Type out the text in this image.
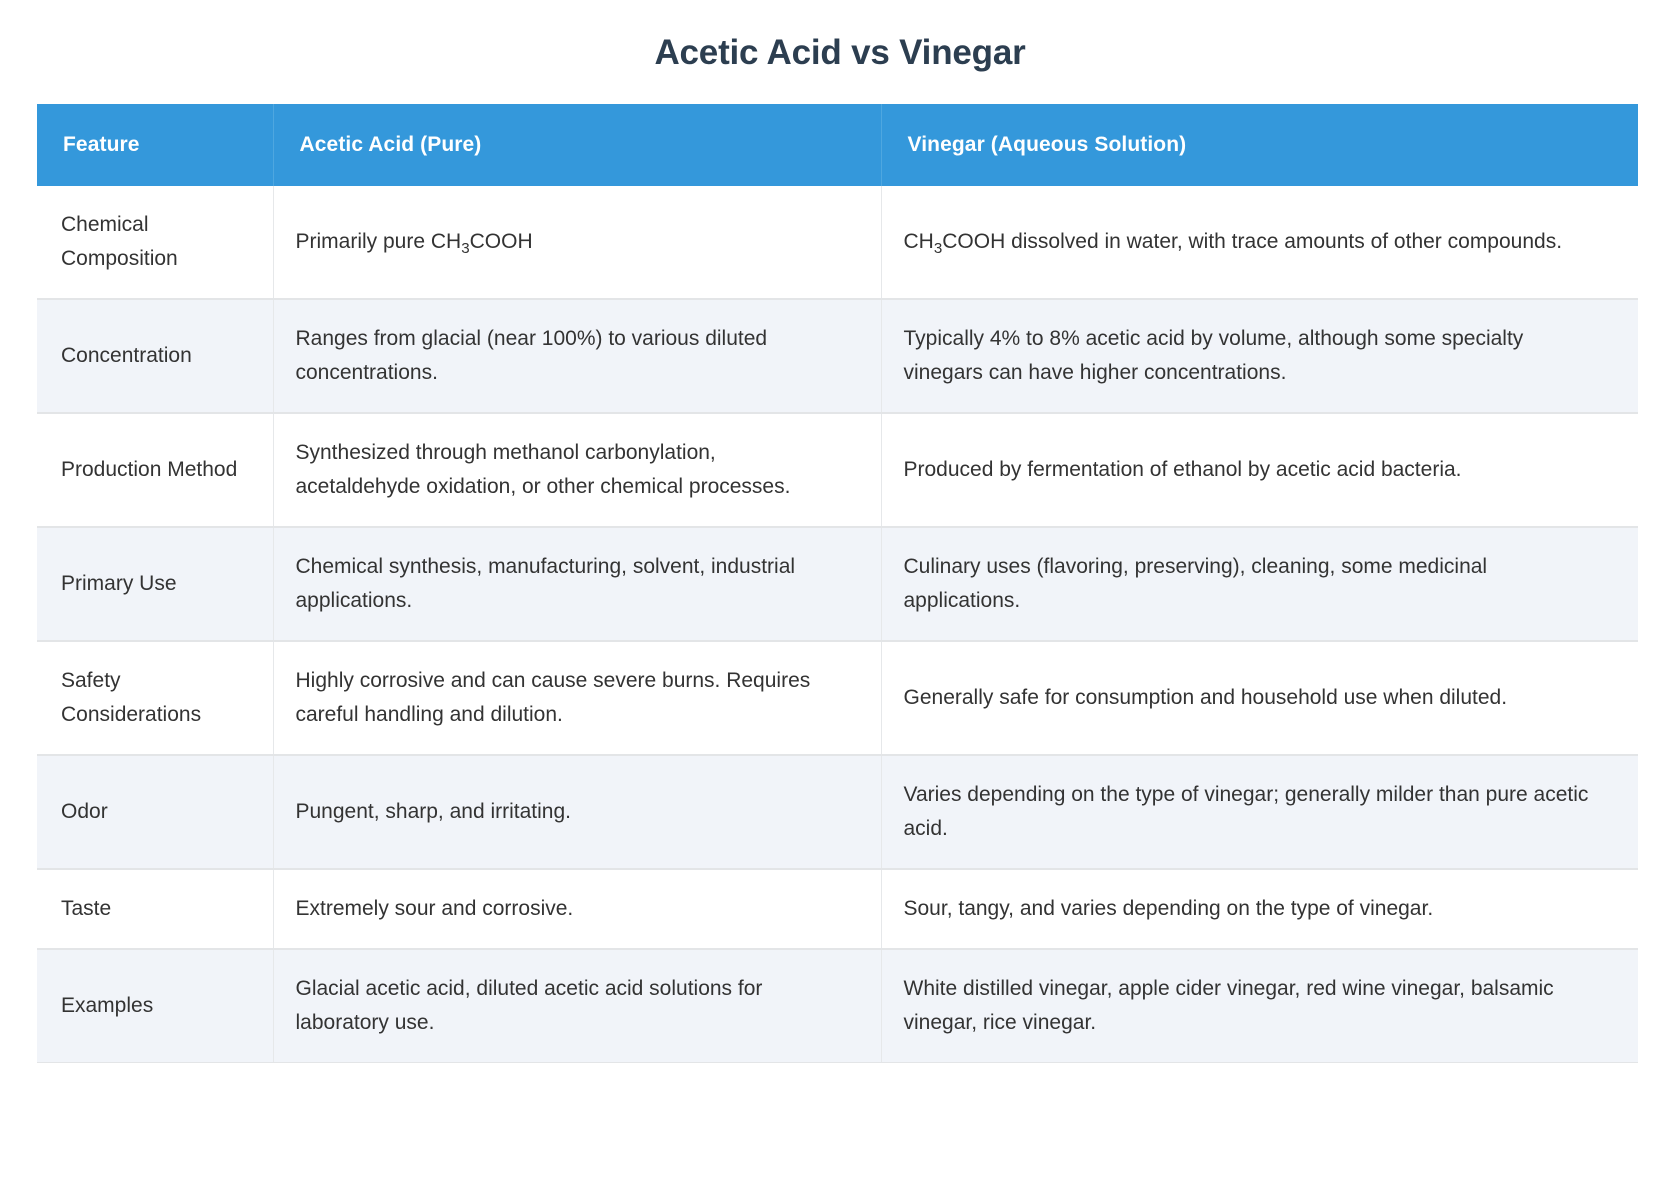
Acetic Acid vs Vinegar
Feature	Acetic Acid (Pure)	Vinegar (Aqueous Solution)
Chemical Composition	Primarily pure $CH_3COOH$	$CH_3COOH$ dissolved in water, with trace amounts of other compounds.
Concentration	Ranges from glacial (near 100%) to various diluted concentrations.	Typically 4% to 8% acetic acid by volume, although some specialty vinegars can have higher concentrations.
Production Method	Synthesized through methanol carbonylation, acetaldehyde oxidation, or other chemical processes.	Produced by fermentation of ethanol by acetic acid bacteria.
Primary Use	Chemical synthesis, manufacturing, solvent, industrial applications.	Culinary uses (flavoring, preserving), cleaning, some medicinal applications.
Safety Considerations	Highly corrosive and can cause severe burns. Requires careful handling and dilution.	Generally safe for consumption and household use when diluted.
Odor	Pungent, sharp, and irritating.	Varies depending on the type of vinegar; generally milder than pure acetic acid.
Taste	Extremely sour and corrosive.	Sour, tangy, and varies depending on the type of vinegar.
Examples	Glacial acetic acid, diluted acetic acid solutions for laboratory use.	White distilled vinegar, apple cider vinegar, red wine vinegar, balsamic vinegar, rice vinegar.
